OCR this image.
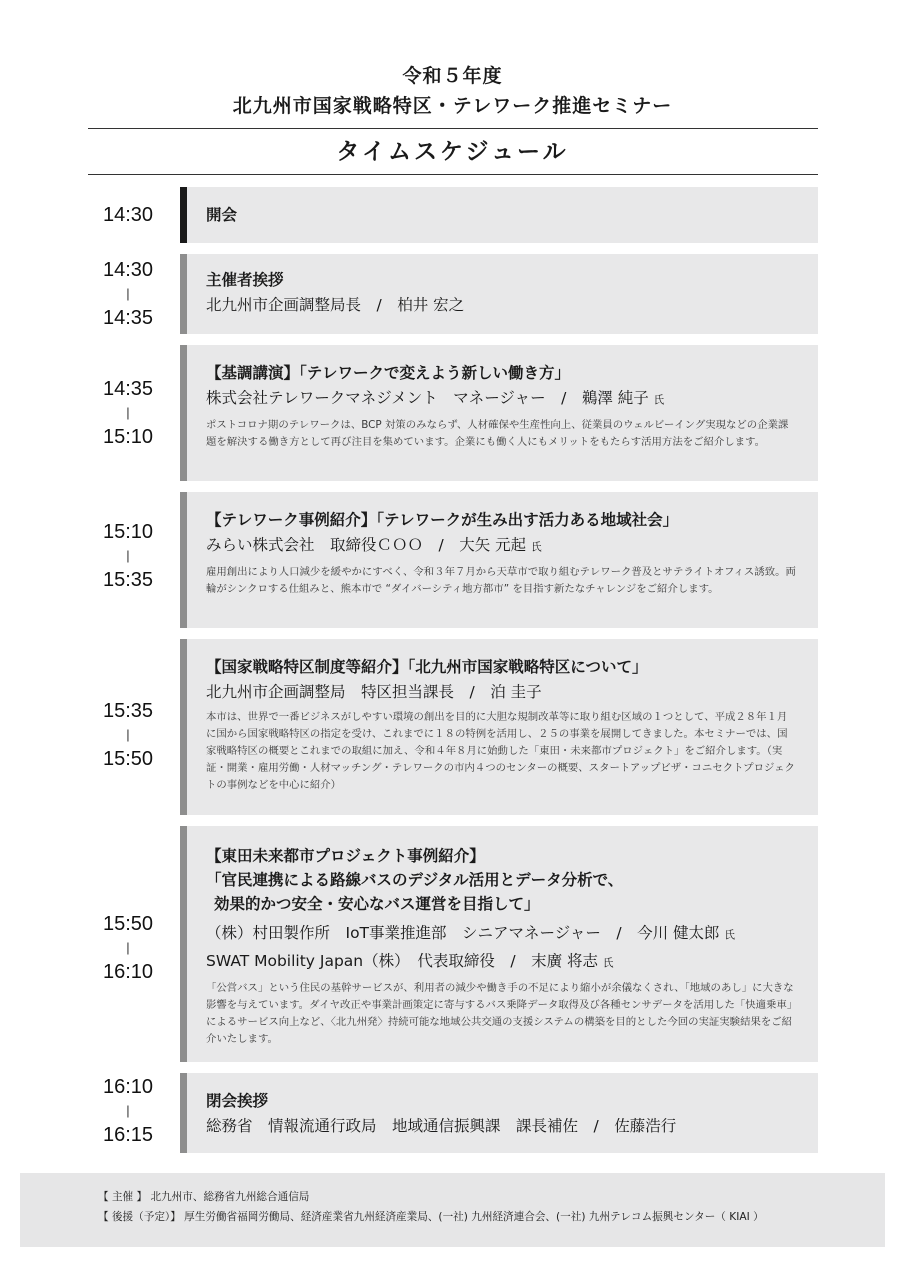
令和５年度
北九州市国家戦略特区・テレワーク推進セミナー
タイムスケジュール
14:30	開会
14:30
|
14:35
主催者挨拶
北九州市企画調整局長　/　柏井 宏之
14:35
|
15:10
【基調講演】「テレワークで変えよう新しい働き方」
株式会社テレワークマネジメント　マネージャー　/　鵜澤 純子 氏
ポストコロナ期のテレワークは、BCP 対策のみならず、人材確保や生産性向上、従業員のウェルビーイング実現などの企業課題を解決する働き方として再び注目を集めています。企業にも働く人にもメリットをもたらす活用方法をご紹介します。
15:10
|
15:35
【テレワーク事例紹介】「テレワークが生み出す活力ある地域社会」
みらい株式会社　取締役ＣＯＯ　/　大矢 元起 氏
雇用創出により人口減少を緩やかにすべく、令和３年７月から天草市で取り組むテレワーク普及とサテライトオフィス誘致。両輪がシンクロする仕組みと、熊本市で “ダイバーシティ地方都市” を目指す新たなチャレンジをご紹介します。
15:35
|
15:50
【国家戦略特区制度等紹介】「北九州市国家戦略特区について」
北九州市企画調整局　特区担当課長　/　泊 圭子
本市は、世界で一番ビジネスがしやすい環境の創出を目的に大胆な規制改革等に取り組む区域の１つとして、平成２８年１月に国から国家戦略特区の指定を受け、これまでに１８の特例を活用し、２５の事業を展開してきました。本セミナーでは、国家戦略特区の概要とこれまでの取組に加え、令和４年８月に始動した「東田・未来都市プロジェクト」をご紹介します。（実証・開業・雇用労働・人材マッチング・テレワークの市内４つのセンターの概要、スタートアップビザ・コニセクトプロジェクトの事例などを中心に紹介）
15:50
|
16:10
【東田未来都市プロジェクト事例紹介】
「官民連携による路線バスのデジタル活用とデータ分析で、
効果的かつ安全・安心なバス運営を目指して」
（株）村田製作所　IoT事業推進部　シニアマネージャー　/　今川 健太郎 氏
SWAT Mobility Japan（株）　代表取締役　/　末廣 将志 氏
「公営バス」という住民の基幹サービスが、利用者の減少や働き手の不足により縮小が余儀なくされ、「地域のあし」に大きな影響を与えています。ダイヤ改正や事業計画策定に寄与するバス乗降データ取得及び各種センサデータを活用した「快適乗車」によるサービス向上など、〈北九州発〉持続可能な地域公共交通の支援システムの構築を目的とした今回の実証実験結果をご紹介いたします。
16:10
|
16:15
閉会挨拶
総務省　情報流通行政局　地域通信振興課　課長補佐　/　佐藤浩行
【 主催 】 北九州市、総務省九州総合通信局
【 後援（予定）】 厚生労働省福岡労働局、経済産業省九州経済産業局、(一社) 九州経済連合会、(一社) 九州テレコム振興センター（ KIAI ）
